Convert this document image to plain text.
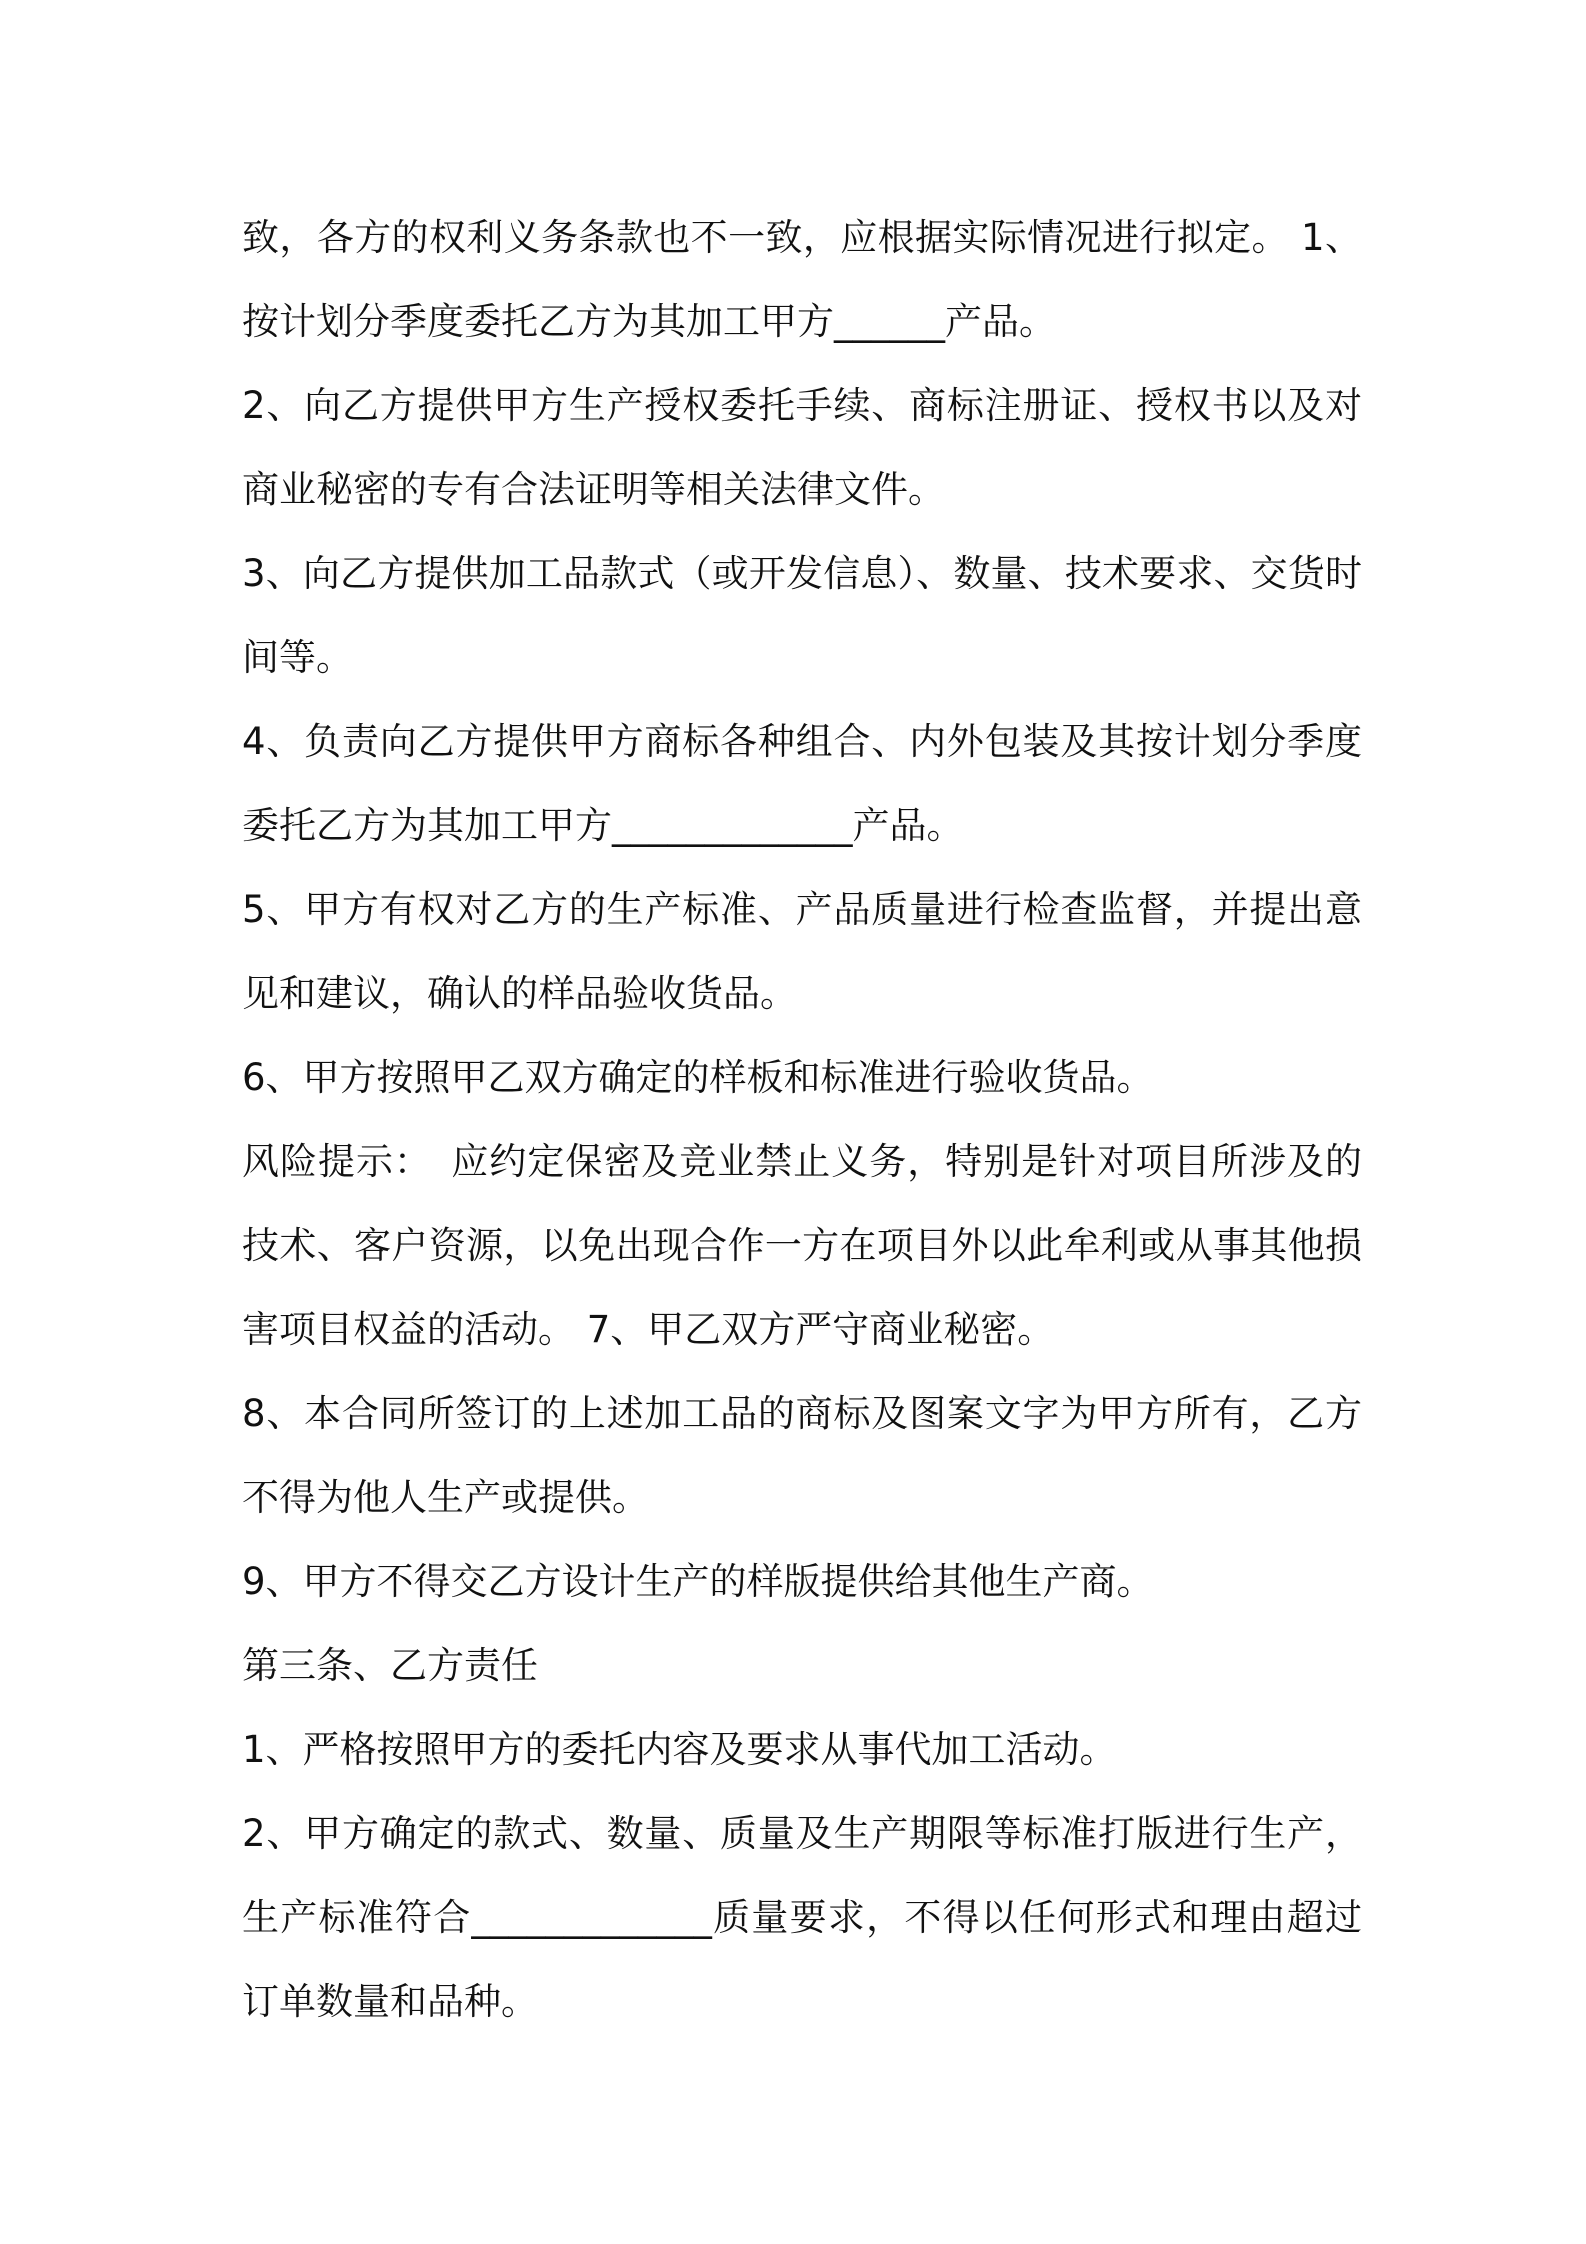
致，各方的权利义务条款也不一致，应根据实际情况进行拟定。 1、
按计划分季度委托乙方为其加工甲方______产品。
2、向乙方提供甲方生产授权委托手续、商标注册证、授权书以及对
商业秘密的专有合法证明等相关法律文件。
3、向乙方提供加工品款式（或开发信息）、数量、技术要求、交货时
间等。
4、负责向乙方提供甲方商标各种组合、内外包装及其按计划分季度
委托乙方为其加工甲方_____________产品。
5、甲方有权对乙方的生产标准、产品质量进行检查监督，并提出意
见和建议，确认的样品验收货品。
6、甲方按照甲乙双方确定的样板和标准进行验收货品。
风险提示：　应约定保密及竞业禁止义务，特别是针对项目所涉及的
技术、客户资源，以免出现合作一方在项目外以此牟利或从事其他损
害项目权益的活动。 7、甲乙双方严守商业秘密。
8、本合同所签订的上述加工品的商标及图案文字为甲方所有，乙方
不得为他人生产或提供。
9、甲方不得交乙方设计生产的样版提供给其他生产商。
第三条、乙方责任
1、严格按照甲方的委托内容及要求从事代加工活动。
2、甲方确定的款式、数量、质量及生产期限等标准打版进行生产，
生产标准符合_____________质量要求，不得以任何形式和理由超过
订单数量和品种。
